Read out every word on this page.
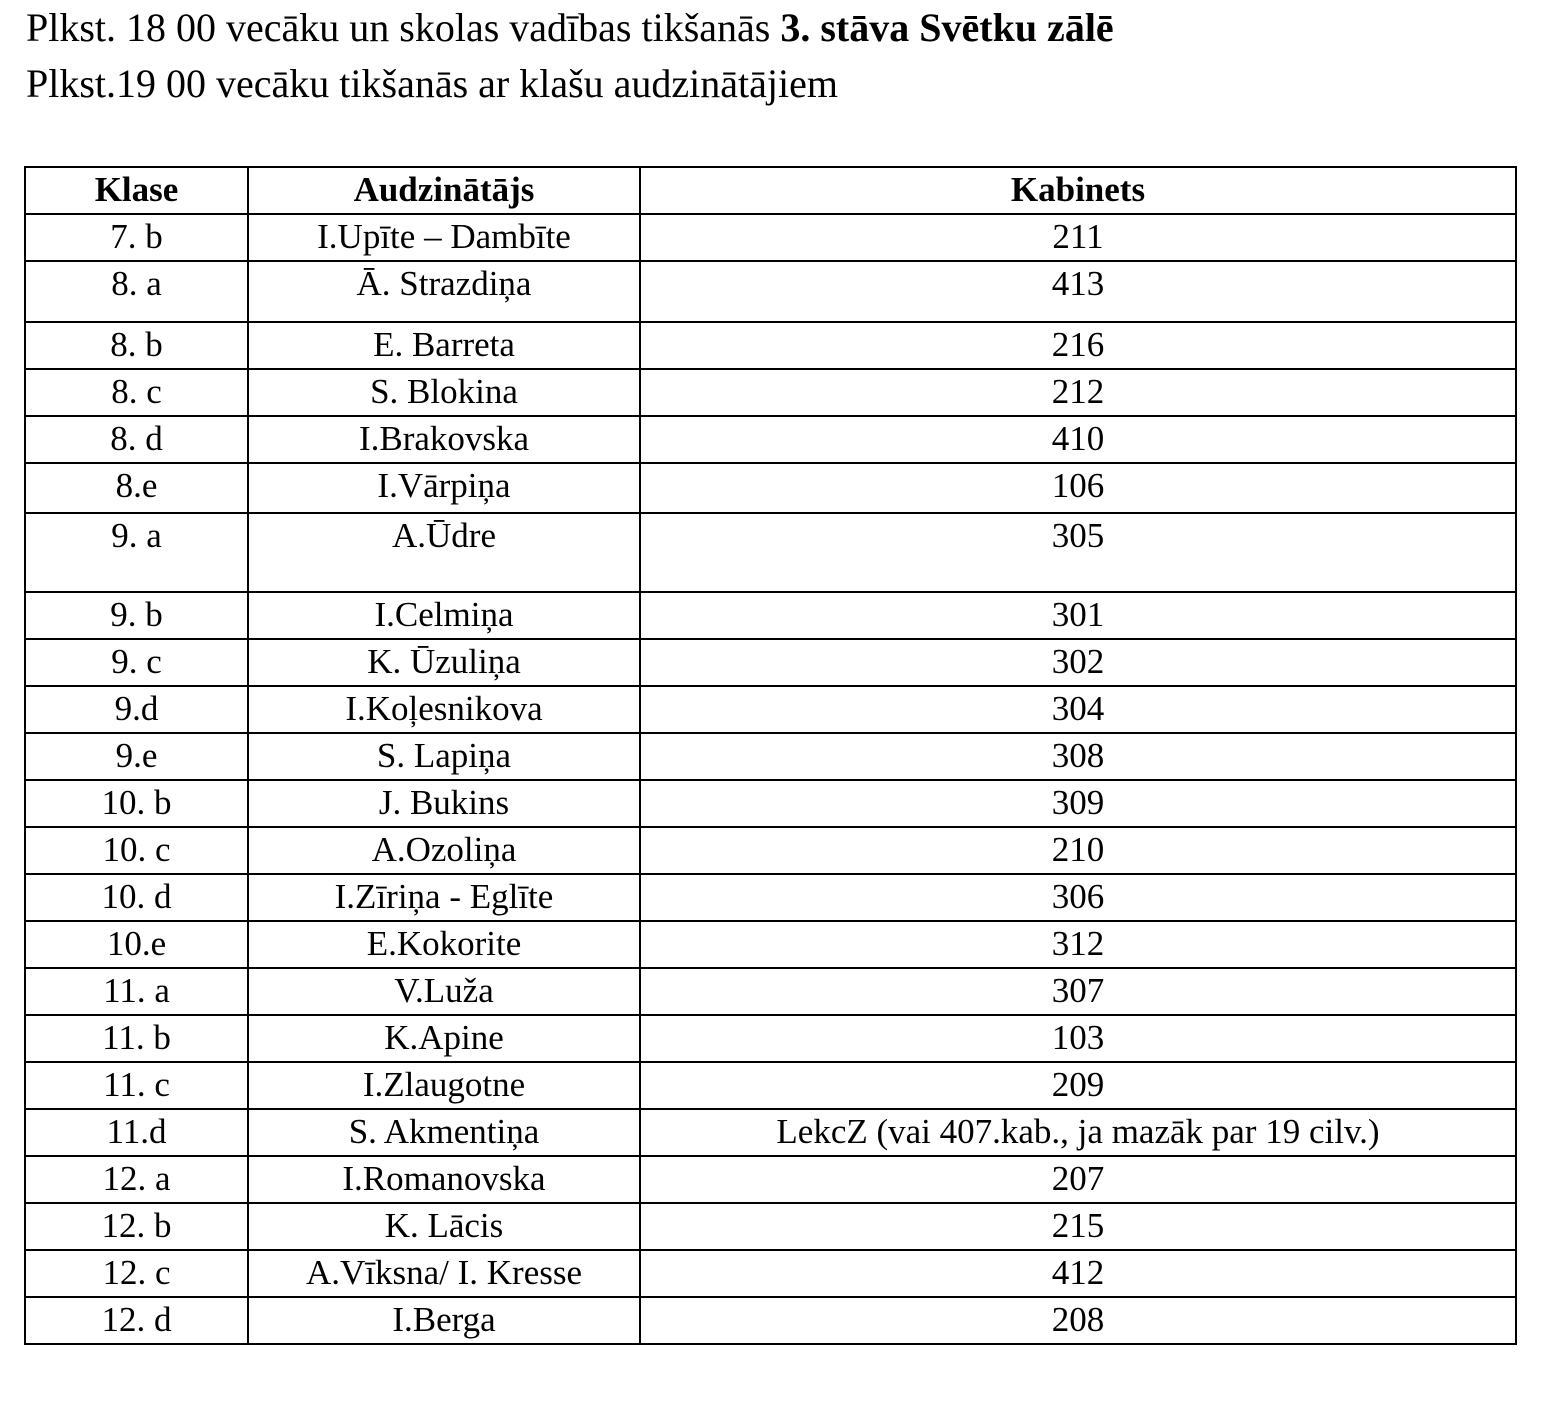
Plkst. 18 00 vecāku un skolas vadības tikšanās 3. stāva Svētku zālē
Plkst.19 00 vecāku tikšanās ar klašu audzinātājiem
Klase	Audzinātājs	Kabinets
7. b	I.Upīte – Dambīte	211
8. a	Ā. Strazdiņa	413
8. b	E. Barreta	216
8. c	S. Blokina	212
8. d	I.Brakovska	410
8.e	I.Vārpiņa	106
9. a	A.Ūdre	305
9. b	I.Celmiņa	301
9. c	K. Ūzuliņa	302
9.d	I.Koļesnikova	304
9.e	S. Lapiņa	308
10. b	J. Bukins	309
10. c	A.Ozoliņa	210
10. d	I.Zīriņa - Eglīte	306
10.e	E.Kokorite	312
11. a	V.Luža	307
11. b	K.Apine	103
11. c	I.Zlaugotne	209
11.d	S. Akmentiņa	LekcZ (vai 407.kab., ja mazāk par 19 cilv.)
12. a	I.Romanovska	207
12. b	K. Lācis	215
12. c	A.Vīksna/ I. Kresse	412
12. d	I.Berga	208
